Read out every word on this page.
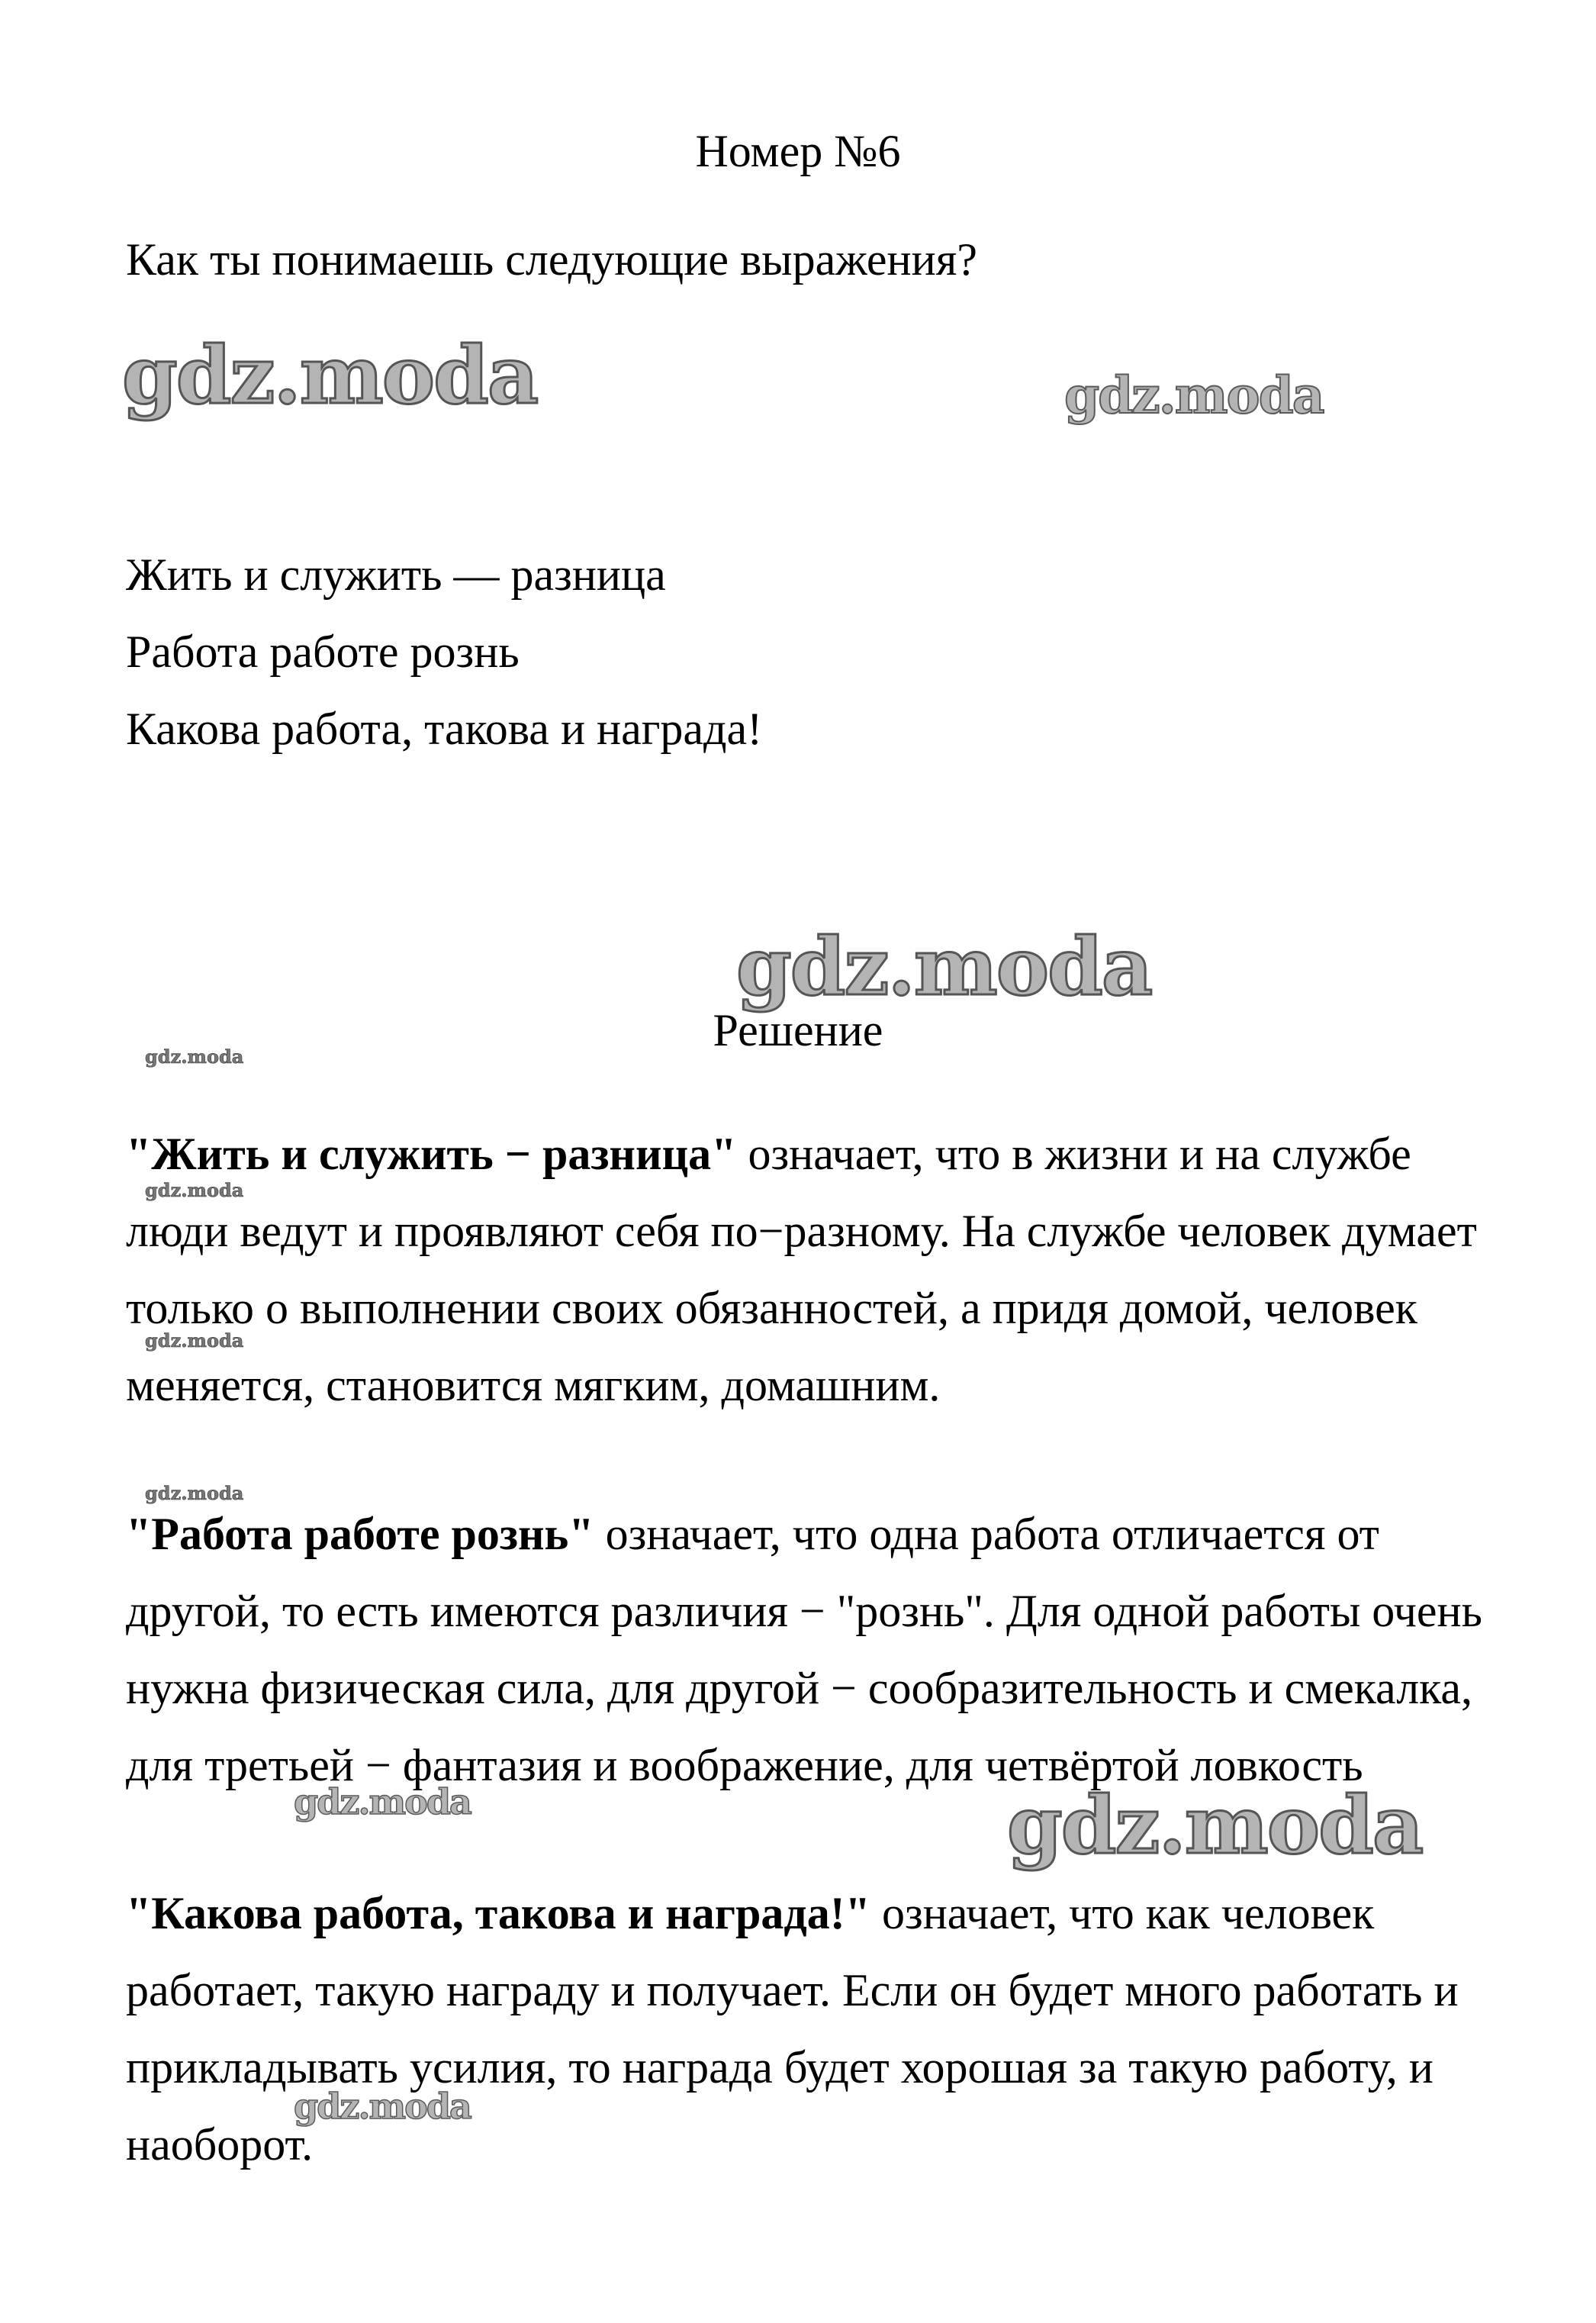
Номер №6
Как ты понимаешь следующие выражения?
Жить и служить — разница
Работа работе рознь
Какова работа, такова и награда!
Решение

"Жить и служить − разница" означает, что в жизни и на службе люди ведут и проявляют себя по−разному. На службе человек думает только о выполнении своих обязанностей, а придя домой, человек меняется, становится мягким, домашним.

"Работа работе рознь" означает, что одна работа отличается от другой, то есть имеются различия − "рознь". Для одной работы очень нужна физическая сила, для другой − сообразительность и смекалка, для третьей − фантазия и воображение, для четвёртой ловкость

"Какова работа, такова и награда!" означает, что как человек работает, такую награду и получает. Если он будет много работать и прикладывать усилия, то награда будет хорошая за такую работу, и наоборот.

gdz.moda	gdz.moda
gdz.moda
gdz.moda
gdz.moda
gdz.moda
gdz.moda
gdz.moda	gdz.moda
gdz.moda
